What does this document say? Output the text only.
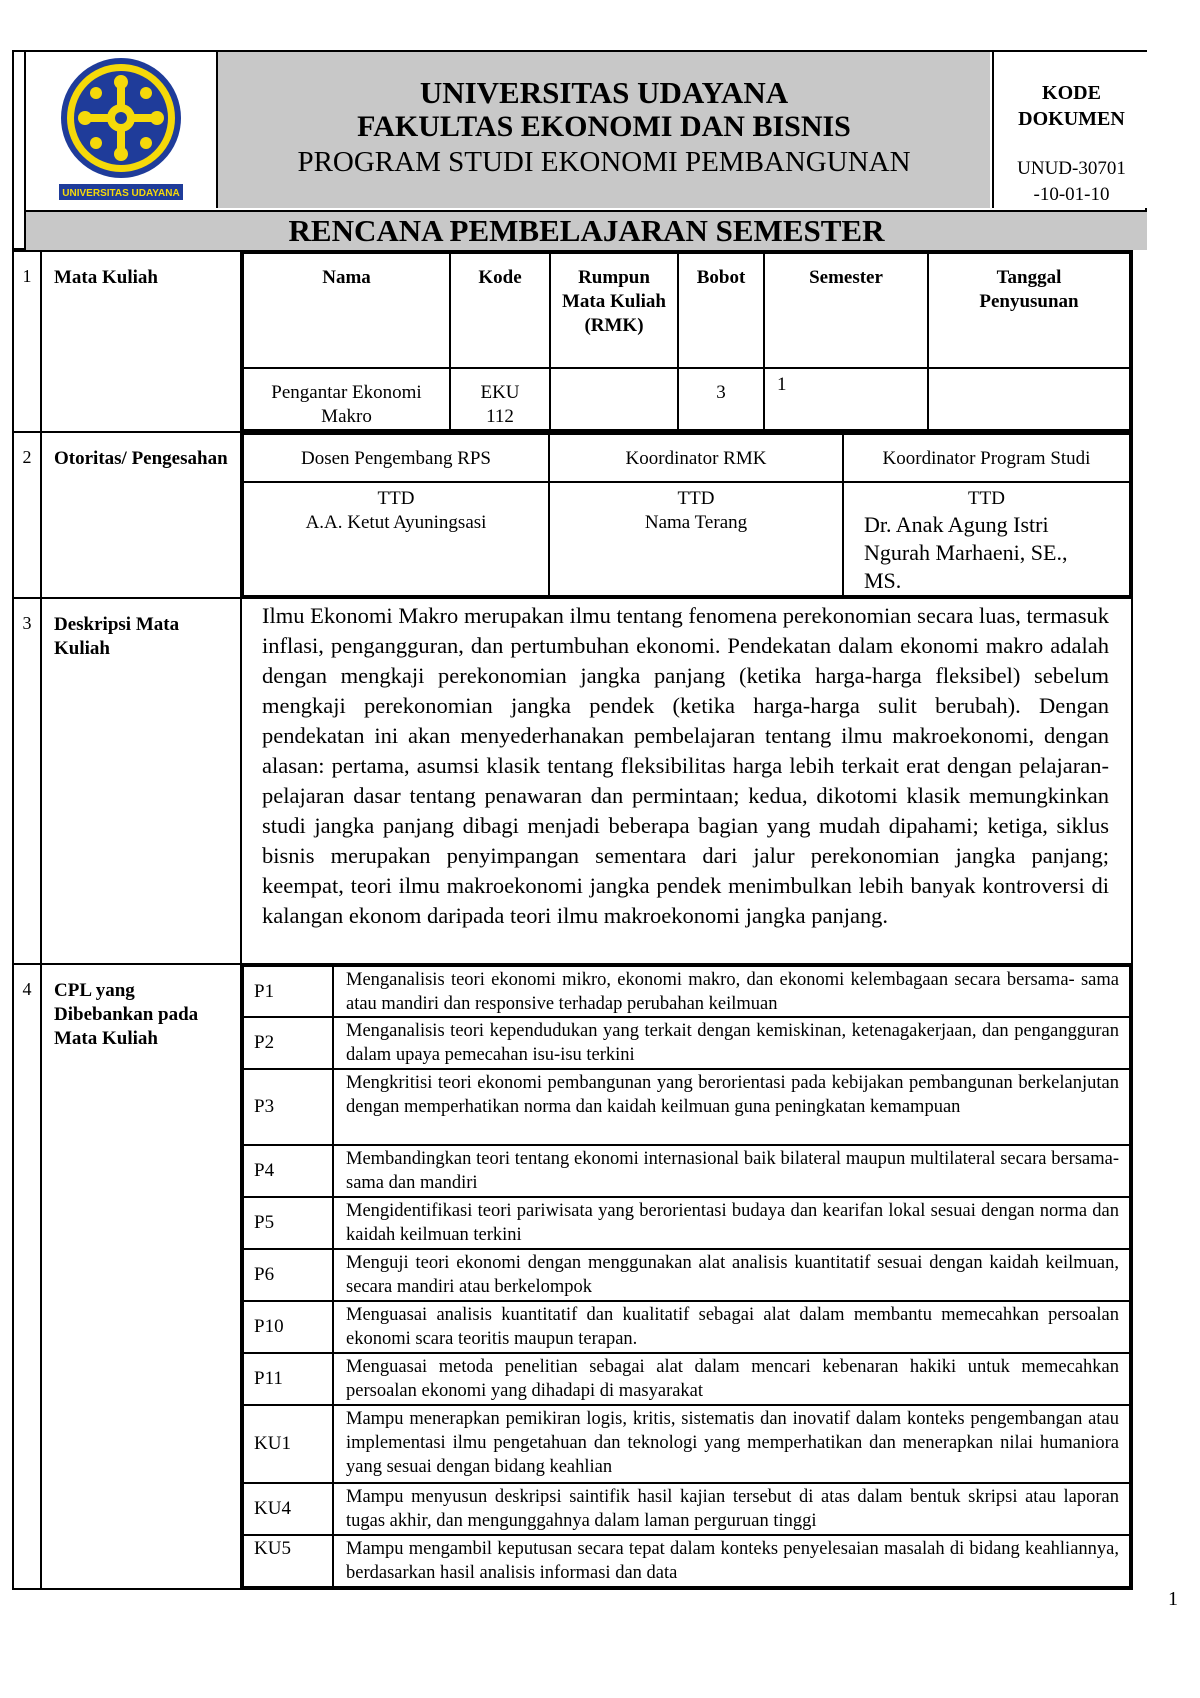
UNIVERSITAS UDAYANA
UNIVERSITAS UDAYANA
FAKULTAS EKONOMI DAN BISNIS
PROGRAM STUDI EKONOMI PEMBANGUNAN
KODE DOKUMEN
UNUD-30701-10-01-10
RENCANA PEMBELAJARAN SEMESTER
1	Mata Kuliah		Nama	Kode	Rumpun Mata Kuliah (RMK)	Bobot	Semester	Tanggal Penyusunan
Pengantar Ekonomi Makro	EKU 112		3	1	

2	Otoritas/ Pengesahan		Dosen Pengembang RPS	Koordinator RMK	Koordinator Program Studi

TTD
A.A. Ketut Ayuningsasi

TTD
Nama Terang

TTD
Dr. Anak Agung Istri Ngurah Marhaeni, SE., MS.

3	Deskripsi Mata Kuliah	Ilmu Ekonomi Makro merupakan ilmu tentang fenomena perekonomian secara luas, termasuk inflasi, pengangguran, dan pertumbuhan ekonomi. Pendekatan dalam ekonomi makro adalah dengan mengkaji perekonomian jangka panjang (ketika harga-harga fleksibel) sebelum mengkaji perekonomian jangka pendek (ketika harga-harga sulit berubah). Dengan pendekatan ini akan menyederhanakan pembelajaran tentang ilmu makroekonomi, dengan alasan: pertama, asumsi klasik tentang fleksibilitas harga lebih terkait erat dengan pelajaran-pelajaran dasar tentang penawaran dan permintaan; kedua, dikotomi klasik memungkinkan studi jangka panjang dibagi menjadi beberapa bagian yang mudah dipahami; ketiga, siklus bisnis merupakan penyimpangan sementara dari jalur perekonomian jangka panjang; keempat, teori ilmu makroekonomi jangka pendek menimbulkan lebih banyak kontroversi di kalangan ekonom daripada teori ilmu makroekonomi jangka panjang.
4	CPL yang Dibebankan pada Mata Kuliah	
P1	Menganalisis teori ekonomi mikro, ekonomi makro, dan ekonomi kelembagaan secara bersama- sama atau mandiri dan responsive terhadap perubahan keilmuan
P2	Menganalisis teori kependudukan yang terkait dengan kemiskinan, ketenagakerjaan, dan pengangguran dalam upaya pemecahan isu-isu terkini
P3	Mengkritisi teori ekonomi pembangunan yang berorientasi pada kebijakan pembangunan berkelanjutan dengan memperhatikan norma dan kaidah keilmuan guna peningkatan kemampuan
P4	Membandingkan teori tentang ekonomi internasional baik bilateral maupun multilateral secara bersama- sama dan mandiri
P5	Mengidentifikasi teori pariwisata yang berorientasi budaya dan kearifan lokal sesuai dengan norma dan kaidah keilmuan terkini
P6	Menguji teori ekonomi dengan menggunakan alat analisis kuantitatif sesuai dengan kaidah keilmuan, secara mandiri atau berkelompok
P10	Menguasai analisis kuantitatif dan kualitatif sebagai alat dalam membantu memecahkan persoalan ekonomi scara teoritis maupun terapan.
P11	Menguasai metoda penelitian sebagai alat dalam mencari kebenaran hakiki untuk memecahkan persoalan ekonomi yang dihadapi di masyarakat
KU1	Mampu menerapkan pemikiran logis, kritis, sistematis dan inovatif dalam konteks pengembangan atau implementasi ilmu pengetahuan dan teknologi yang memperhatikan dan menerapkan nilai humaniora yang sesuai dengan bidang keahlian
KU4	Mampu menyusun deskripsi saintifik hasil kajian tersebut di atas dalam bentuk skripsi atau laporan tugas akhir, dan mengunggahnya dalam laman perguruan tinggi
KU5	Mampu mengambil keputusan secara tepat dalam konteks penyelesaian masalah di bidang keahliannya, berdasarkan hasil analisis informasi dan data
1
